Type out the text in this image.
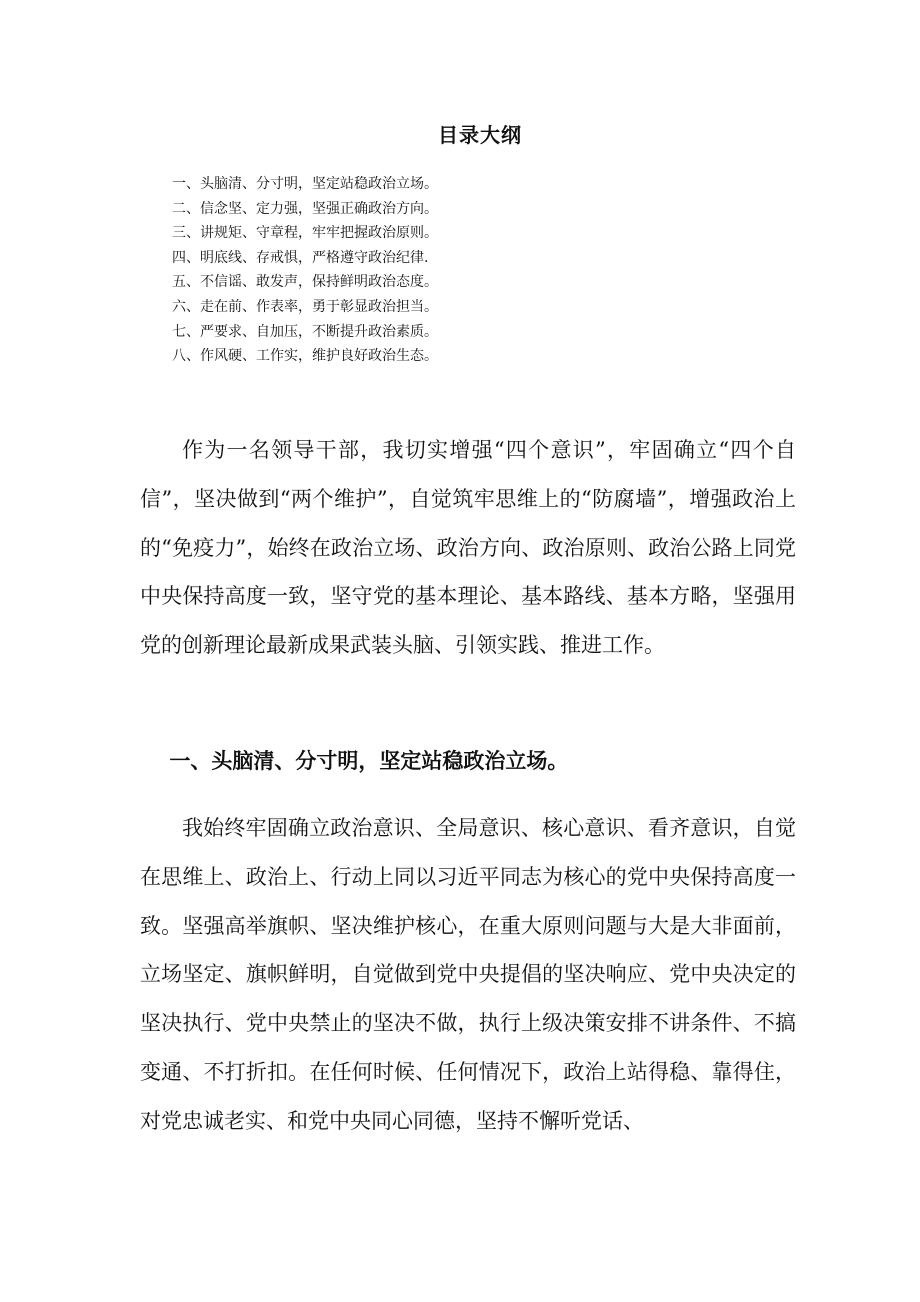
目录大纲
一、头脑清、分寸明，坚定站稳政治立场。
二、信念坚、定力强，坚强正确政治方向。
三、讲规矩、守章程，牢牢把握政治原则。
四、明底线、存戒惧，严格遵守政治纪律.
五、不信谣、敢发声，保持鲜明政治态度。
六、走在前、作表率，勇于彰显政治担当。
七、严要求、自加压，不断提升政治素质。
八、作风硬、工作实，维护良好政治生态。

作为一名领导干部，我切实增强“四个意识”，牢固确立“四个自信”，坚决做到“两个维护”，自觉筑牢思维上的“防腐墙”，增强政治上的“免疫力”，始终在政治立场、政治方向、政治原则、政治公路上同党中央保持高度一致，坚守党的基本理论、基本路线、基本方略，坚强用党的创新理论最新成果武装头脑、引领实践、推进工作。

一、头脑清、分寸明，坚定站稳政治立场。

我始终牢固确立政治意识、全局意识、核心意识、看齐意识，自觉在思维上、政治上、行动上同以习近平同志为核心的党中央保持高度一致。坚强高举旗帜、坚决维护核心，在重大原则问题与大是大非面前，立场坚定、旗帜鲜明，自觉做到党中央提倡的坚决响应、党中央决定的坚决执行、党中央禁止的坚决不做，执行上级决策安排不讲条件、不搞变通、不打折扣。在任何时候、任何情况下，政治上站得稳、靠得住，对党忠诚老实、和党中央同心同德，坚持不懈听党话、
